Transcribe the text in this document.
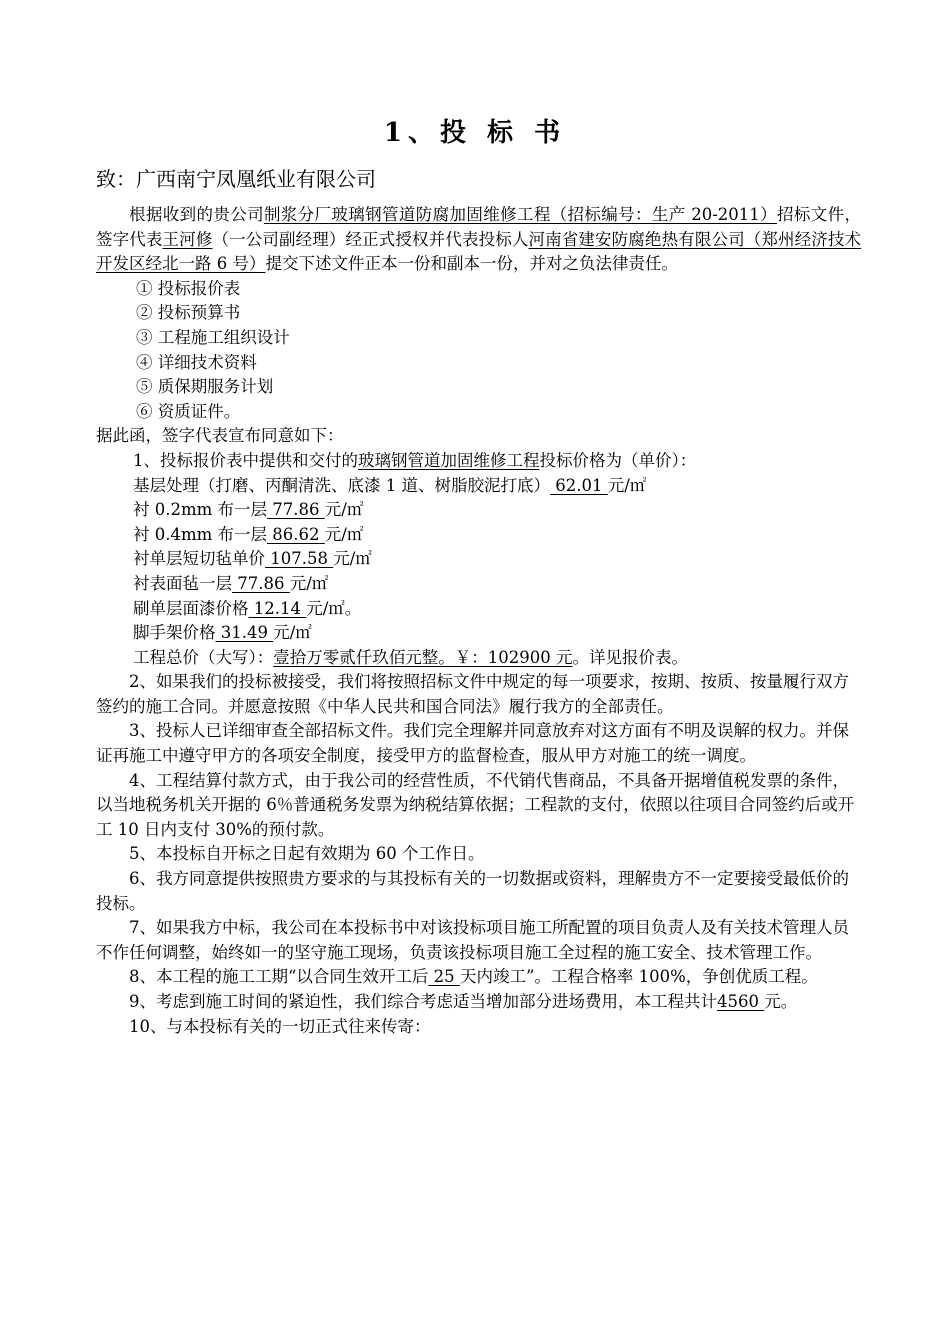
1、投 标 书
致：广西南宁凤凰纸业有限公司

根据收到的贵公司制浆分厂玻璃钢管道防腐加固维修工程（招标编号：生产 20-2011）招标文件，签字代表王河修（一公司副经理）经正式授权并代表投标人河南省建安防腐绝热有限公司（郑州经济技术开发区经北一路 6 号）提交下述文件正本一份和副本一份，并对之负法律责任。

① 投标报价表

② 投标预算书

③ 工程施工组织设计

④ 详细技术资料

⑤ 质保期服务计划

⑥ 资质证件。

据此函，签字代表宣布同意如下：

1、投标报价表中提供和交付的玻璃钢管道加固维修工程投标价格为（单价）：

基层处理（打磨、丙酮清洗、底漆 1 道、树脂胶泥打底） 62.01 元/㎡

衬 0.2mm 布一层 77.86 元/㎡

衬 0.4mm 布一层 86.62 元/㎡

衬单层短切毡单价 107.58 元/㎡

衬表面毡一层 77.86 元/㎡

刷单层面漆价格 12.14 元/㎡。

脚手架价格 31.49 元/㎡

工程总价（大写）：壹拾万零贰仟玖佰元整。￥：102900 元。详见报价表。

2、如果我们的投标被接受，我们将按照招标文件中规定的每一项要求，按期、按质、按量履行双方签约的施工合同。并愿意按照《中华人民共和国合同法》履行我方的全部责任。

3、投标人已详细审查全部招标文件。我们完全理解并同意放弃对这方面有不明及误解的权力。并保证再施工中遵守甲方的各项安全制度，接受甲方的监督检查，服从甲方对施工的统一调度。

4、工程结算付款方式，由于我公司的经营性质，不代销代售商品，不具备开据增值税发票的条件，以当地税务机关开据的 6％普通税务发票为纳税结算依据；工程款的支付，依照以往项目合同签约后或开工 10 日内支付 30%的预付款。

5、本投标自开标之日起有效期为 60 个工作日。

6、我方同意提供按照贵方要求的与其投标有关的一切数据或资料，理解贵方不一定要接受最低价的投标。

7、如果我方中标，我公司在本投标书中对该投标项目施工所配置的项目负责人及有关技术管理人员不作任何调整，始终如一的坚守施工现场，负责该投标项目施工全过程的施工安全、技术管理工作。

8、本工程的施工工期“以合同生效开工后 25 天内竣工”。工程合格率 100%，争创优质工程。

9、考虑到施工时间的紧迫性，我们综合考虑适当增加部分进场费用，本工程共计4560 元。

10、与本投标有关的一切正式往来传寄：
